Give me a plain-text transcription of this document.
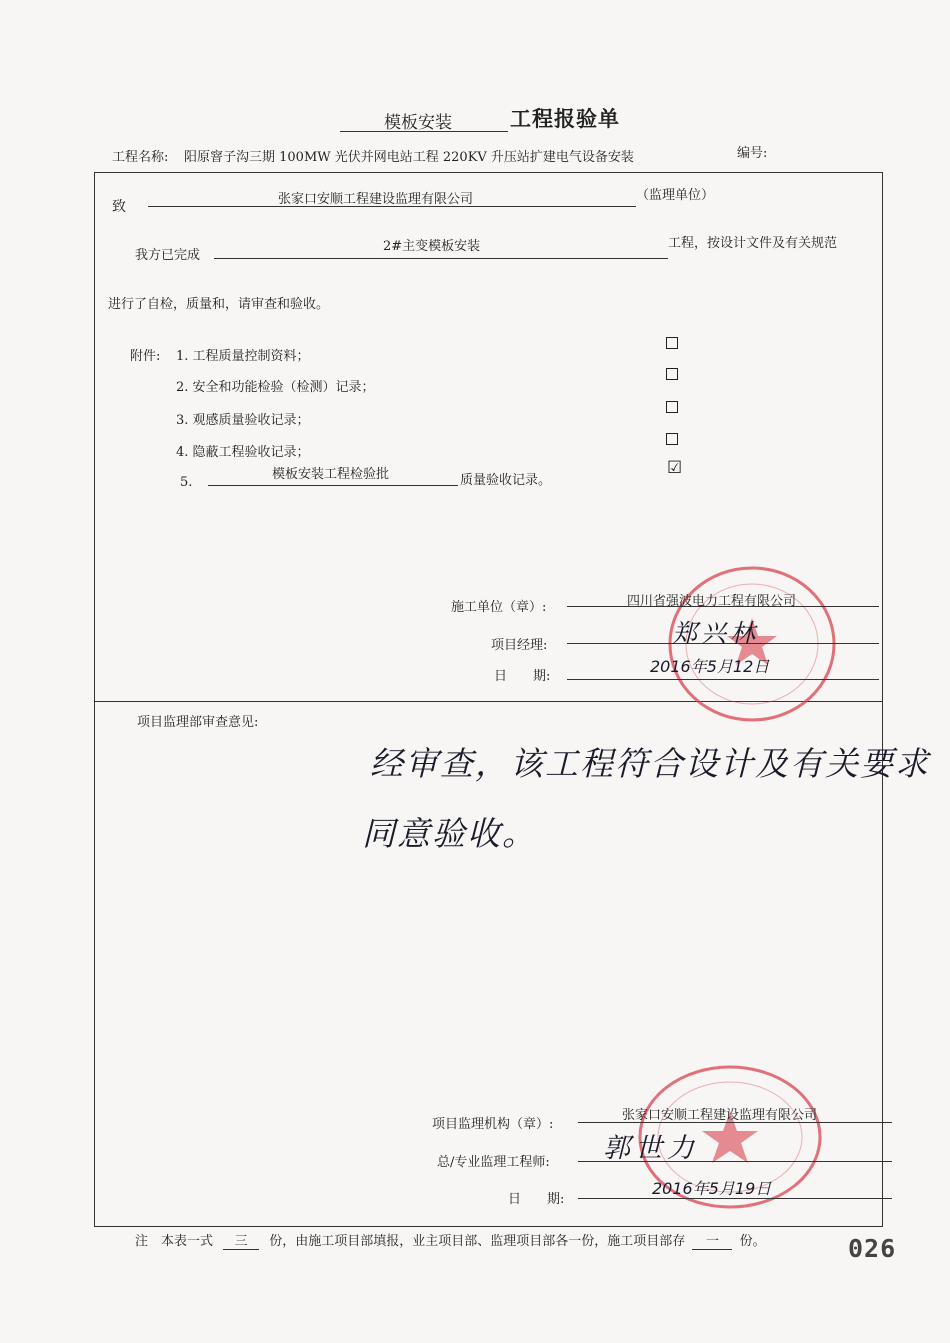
模板安装	工程报验单
工程名称: 阳原窨子沟三期 100MW 光伏并网电站工程 220KV 升压站扩建电气设备安装	编号:
致	张家口安顺工程建设监理有限公司	（监理单位）
我方已完成
2#主变模板安装	工程，按设计文件及有关规范
进行了自检，质量和，请审查和验收。
附件: 1. 工程质量控制资料；
2. 安全和功能检验（检测）记录；
3. 观感质量验收记录；
4. 隐蔽工程验收记录；
5.
模板安装工程检验批	质量验收记录。
☑
施工单位（章）:	四川省强波电力工程有限公司
项目经理:	郑兴林
日　　期:
2016年5月12日
项目监理部审查意见:
经审查，该工程符合设计及有关要求
同意验收。
项目监理机构（章）:
张家口安顺工程建设监理有限公司
总/专业监理工程师: 郭世力
日　　期:
2016年5月19日
注　本表一式 三 份，由施工项目部填报，业主项目部、监理项目部各一份，施工项目部存 一 份。	026
